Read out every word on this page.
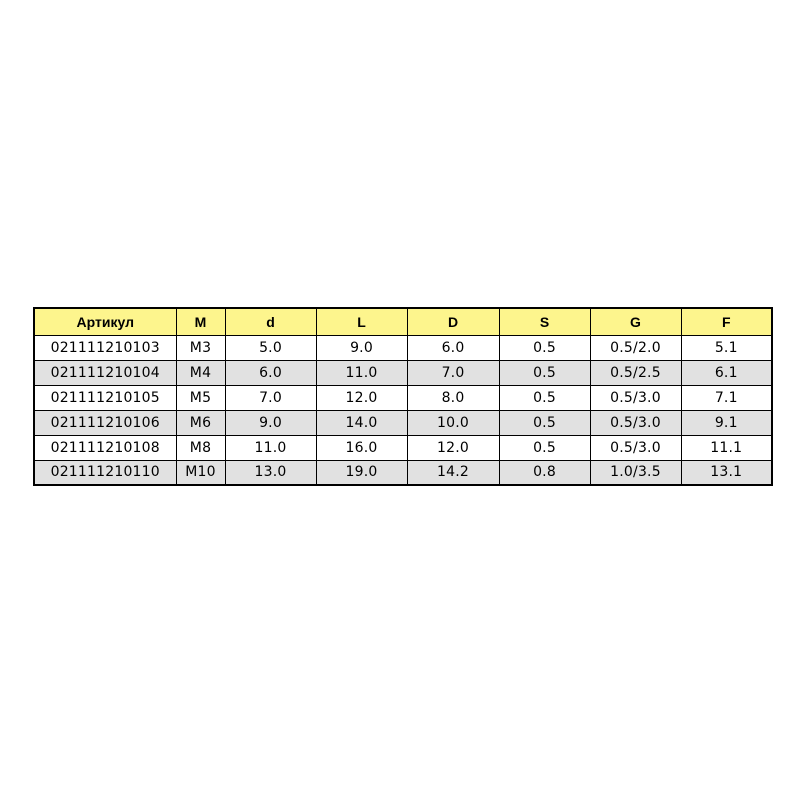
Артикул	M	d	L	D	S	G	F
021111210103	M3	5.0	9.0	6.0	0.5	0.5/2.0	5.1
021111210104	M4	6.0	11.0	7.0	0.5	0.5/2.5	6.1
021111210105	M5	7.0	12.0	8.0	0.5	0.5/3.0	7.1
021111210106	M6	9.0	14.0	10.0	0.5	0.5/3.0	9.1
021111210108	M8	11.0	16.0	12.0	0.5	0.5/3.0	11.1
021111210110	M10	13.0	19.0	14.2	0.8	1.0/3.5	13.1
